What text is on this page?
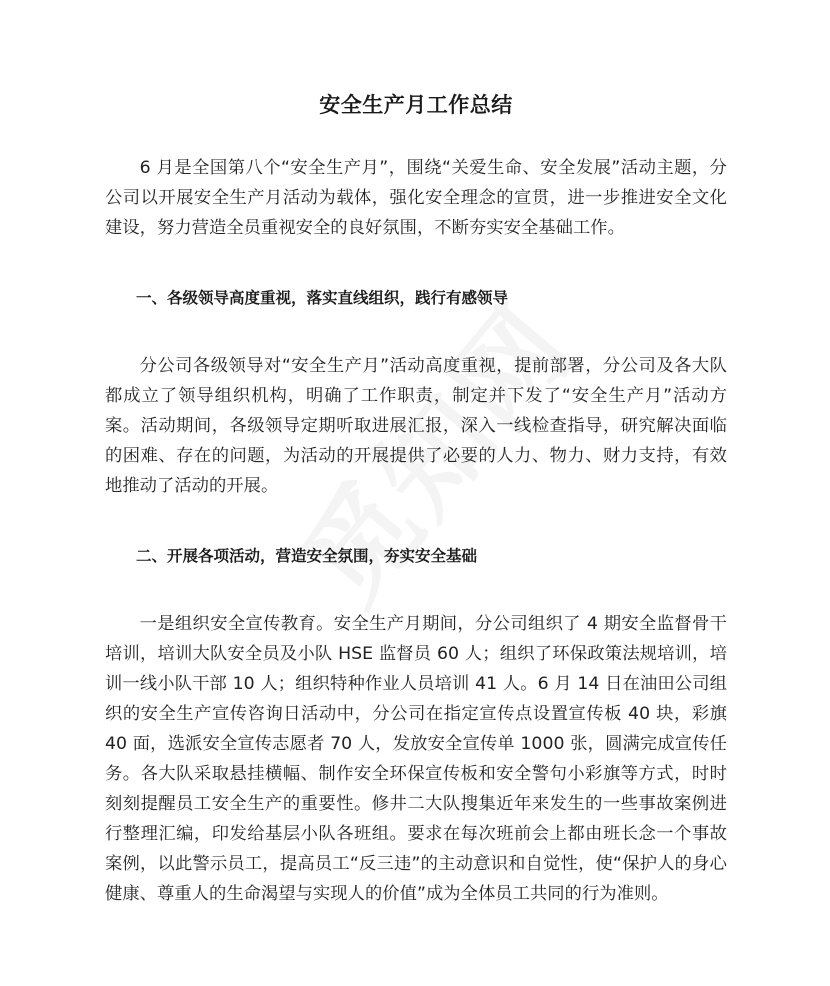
安全生产月工作总结

6 月是全国第八个“安全生产月”，围绕“关爱生命、安全发展”活动主题，分公司以开展安全生产月活动为载体，强化安全理念的宣贯，进一步推进安全文化建设，努力营造全员重视安全的良好氛围，不断夯实安全基础工作。

一、各级领导高度重视，落实直线组织，践行有感领导

分公司各级领导对“安全生产月”活动高度重视，提前部署，分公司及各大队都成立了领导组织机构，明确了工作职责，制定并下发了“安全生产月”活动方案。活动期间，各级领导定期听取进展汇报，深入一线检查指导，研究解决面临的困难、存在的问题，为活动的开展提供了必要的人力、物力、财力支持，有效地推动了活动的开展。

二、开展各项活动，营造安全氛围，夯实安全基础

一是组织安全宣传教育。安全生产月期间，分公司组织了 4 期安全监督骨干培训，培训大队安全员及小队 HSE 监督员 60 人；组织了环保政策法规培训，培训一线小队干部 10 人；组织特种作业人员培训 41 人。6 月 14 日在油田公司组织的安全生产宣传咨询日活动中，分公司在指定宣传点设置宣传板 40 块，彩旗 40 面，选派安全宣传志愿者 70 人，发放安全宣传单 1000 张，圆满完成宣传任务。各大队采取悬挂横幅、制作安全环保宣传板和安全警句小彩旗等方式，时时刻刻提醒员工安全生产的重要性。修井二大队搜集近年来发生的一些事故案例进行整理汇编，印发给基层小队各班组。要求在每次班前会上都由班长念一个事故案例，以此警示员工，提高员工“反三违”的主动意识和自觉性，使“保护人的身心健康、尊重人的生命渴望与实现人的价值”成为全体员工共同的行为准则。
